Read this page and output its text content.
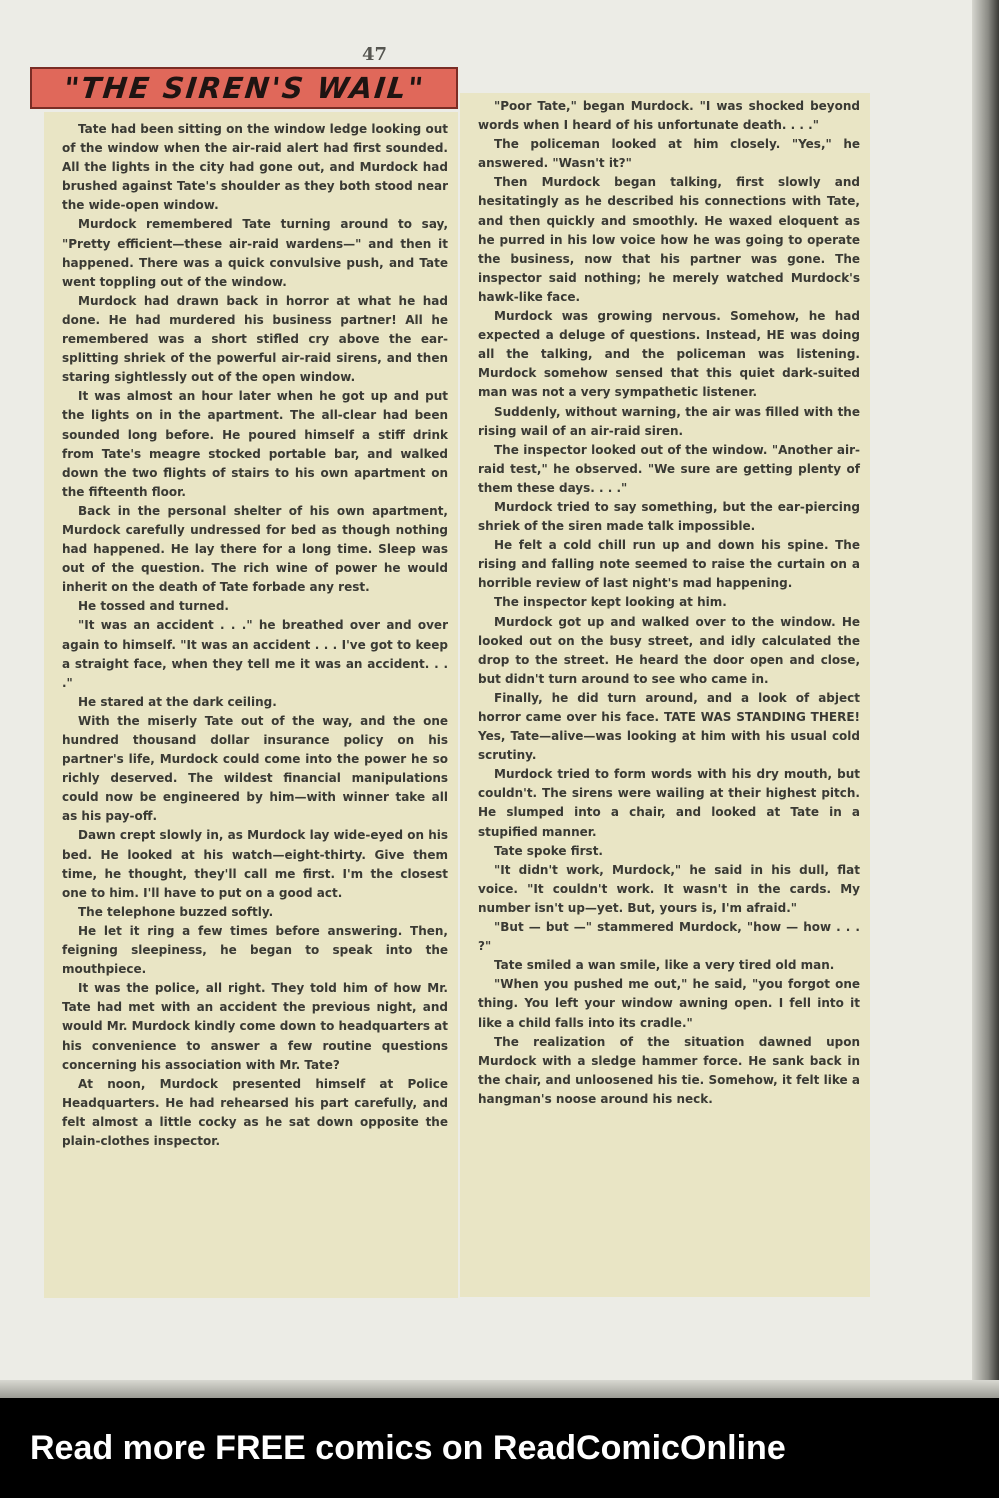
47
"THE SIREN'S WAIL"

Tate had been sitting on the window ledge looking out of the window when the air-raid alert had first sounded. All the lights in the city had gone out, and Murdock had brushed against Tate's shoulder as they both stood near the wide-open window.

Murdock remembered Tate turning around to say, "Pretty efficient—these air-raid wardens—" and then it happened. There was a quick convulsive push, and Tate went toppling out of the window.

Murdock had drawn back in horror at what he had done. He had murdered his business partner! All he remembered was a short stifled cry above the ear-splitting shriek of the powerful air-raid sirens, and then staring sightlessly out of the open window.

It was almost an hour later when he got up and put the lights on in the apartment. The all-clear had been sounded long before. He poured himself a stiff drink from Tate's meagre stocked portable bar, and walked down the two flights of stairs to his own apartment on the fifteenth floor.

Back in the personal shelter of his own apartment, Murdock carefully undressed for bed as though nothing had happened. He lay there for a long time. Sleep was out of the question. The rich wine of power he would inherit on the death of Tate forbade any rest.

He tossed and turned.

"It was an accident . . ." he breathed over and over again to himself. "It was an accident . . . I've got to keep a straight face, when they tell me it was an accident. . . ."

He stared at the dark ceiling.

With the miserly Tate out of the way, and the one hundred thousand dollar insurance policy on his partner's life, Murdock could come into the power he so richly deserved. The wildest financial manipulations could now be engineered by him—with winner take all as his pay-off.

Dawn crept slowly in, as Murdock lay wide-eyed on his bed. He looked at his watch—eight-thirty. Give them time, he thought, they'll call me first. I'm the closest one to him. I'll have to put on a good act.

The telephone buzzed softly.

He let it ring a few times before answering. Then, feigning sleepiness, he began to speak into the mouthpiece.

It was the police, all right. They told him of how Mr. Tate had met with an accident the previous night, and would Mr. Murdock kindly come down to headquarters at his convenience to answer a few routine questions concerning his association with Mr. Tate?

At noon, Murdock presented himself at Police Headquarters. He had rehearsed his part carefully, and felt almost a little cocky as he sat down opposite the plain-clothes inspector.

"Poor Tate," began Murdock. "I was shocked beyond words when I heard of his unfortunate death. . . ."

The policeman looked at him closely. "Yes," he answered. "Wasn't it?"

Then Murdock began talking, first slowly and hesitatingly as he described his connections with Tate, and then quickly and smoothly. He waxed eloquent as he purred in his low voice how he was going to operate the business, now that his partner was gone. The inspector said nothing; he merely watched Murdock's hawk-like face.

Murdock was growing nervous. Somehow, he had expected a deluge of questions. Instead, HE was doing all the talking, and the policeman was listening. Murdock somehow sensed that this quiet dark-suited man was not a very sympathetic listener.

Suddenly, without warning, the air was filled with the rising wail of an air-raid siren.

The inspector looked out of the window. "Another air-raid test," he observed. "We sure are getting plenty of them these days. . . ."

Murdock tried to say something, but the ear-piercing shriek of the siren made talk impossible.

He felt a cold chill run up and down his spine. The rising and falling note seemed to raise the curtain on a horrible review of last night's mad happening.

The inspector kept looking at him.

Murdock got up and walked over to the window. He looked out on the busy street, and idly calculated the drop to the street. He heard the door open and close, but didn't turn around to see who came in.

Finally, he did turn around, and a look of abject horror came over his face. TATE WAS STANDING THERE! Yes, Tate—alive—was looking at him with his usual cold scrutiny.

Murdock tried to form words with his dry mouth, but couldn't. The sirens were wailing at their highest pitch. He slumped into a chair, and looked at Tate in a stupified manner.

Tate spoke first.

"It didn't work, Murdock," he said in his dull, flat voice. "It couldn't work. It wasn't in the cards. My number isn't up—yet. But, yours is, I'm afraid."

"But — but —" stammered Murdock, "how — how . . . ?"

Tate smiled a wan smile, like a very tired old man.

"When you pushed me out," he said, "you forgot one thing. You left your window awning open. I fell into it like a child falls into its cradle."

The realization of the situation dawned upon Murdock with a sledge hammer force. He sank back in the chair, and unloosened his tie. Somehow, it felt like a hangman's noose around his neck.

Read more FREE comics on ReadComicOnline
